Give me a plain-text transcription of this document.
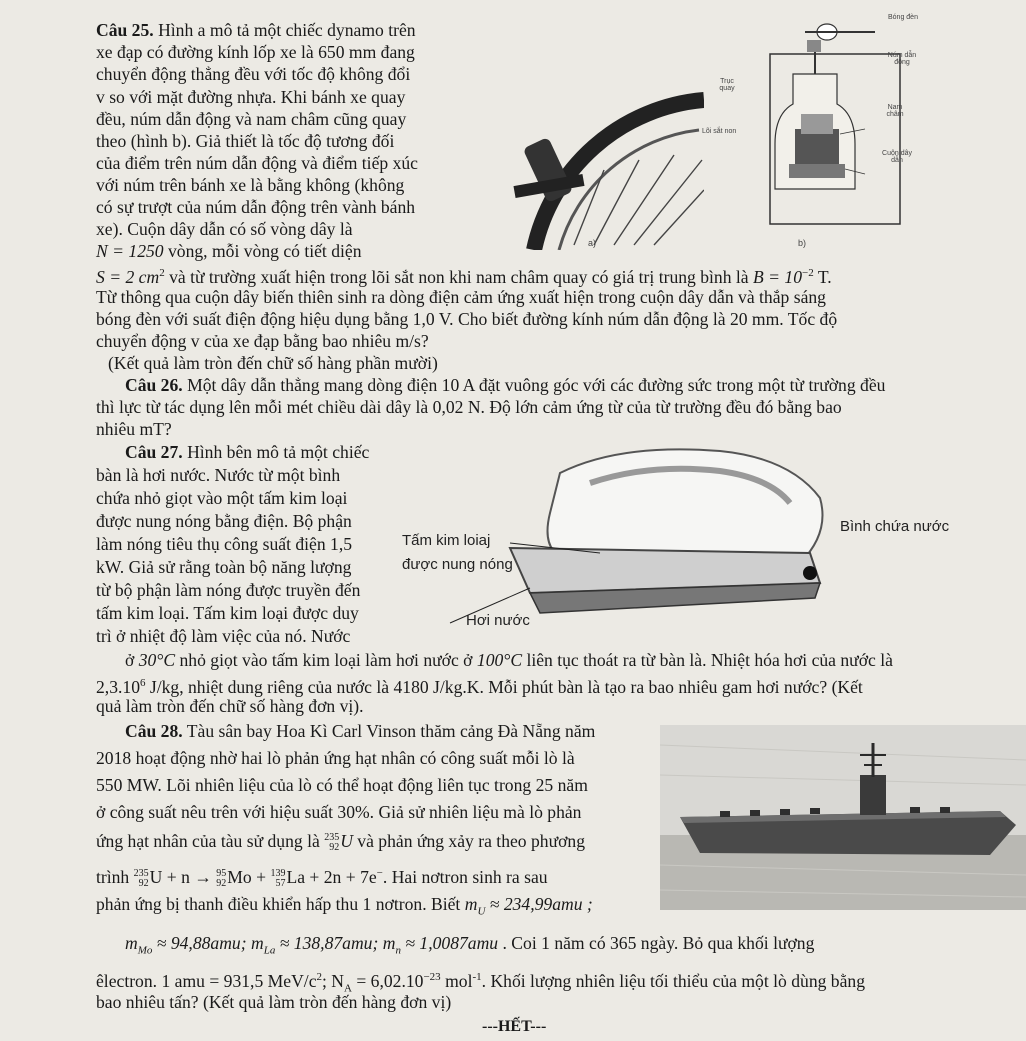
Câu 25. Hình a mô tả một chiếc dynamo trên
xe đạp có đường kính lốp xe là 650 mm đang
chuyển động thẳng đều với tốc độ không đổi
v so với mặt đường nhựa. Khi bánh xe quay
đều, núm dẫn động và nam châm cũng quay
theo (hình b). Giả thiết là tốc độ tương đối
của điểm trên núm dẫn động và điểm tiếp xúc
với núm trên bánh xe là bằng không (không
có sự trượt của núm dẫn động trên vành bánh
xe). Cuộn dây dẫn có số vòng dây là
N = 1250 vòng, mỗi vòng có tiết diện
S = 2 $cm^2$ và từ trường xuất hiện trong lõi sắt non khi nam châm quay có giá trị trung bình là $B = 10^{-2}$ T.
Từ thông qua cuộn dây biến thiên sinh ra dòng điện cảm ứng xuất hiện trong cuộn dây dẫn và thắp sáng
bóng đèn với suất điện động hiệu dụng bằng 1,0 V. Cho biết đường kính núm dẫn động là 20 mm. Tốc độ
chuyển động v của xe đạp bằng bao nhiêu m/s?
(Kết quả làm tròn đến chữ số hàng phần mười)
a)
Bóng đèn
Núm dẫn động
Trục quay
Nam châm
Lõi sắt non
Cuộn dây dẫn
b)
Câu 26. Một dây dẫn thẳng mang dòng điện 10 A đặt vuông góc với các đường sức trong một từ trường đều
thì lực từ tác dụng lên mỗi mét chiều dài dây là 0,02 N. Độ lớn cảm ứng từ của từ trường đều đó bằng bao
nhiêu mT?
Câu 27. Hình bên mô tả một chiếc
bàn là hơi nước. Nước từ một bình
chứa nhỏ giọt vào một tấm kim loại
được nung nóng bằng điện. Bộ phận
làm nóng tiêu thụ công suất điện 1,5
kW. Giả sử rằng toàn bộ năng lượng
từ bộ phận làm nóng được truyền đến
tấm kim loại. Tấm kim loại được duy
trì ở nhiệt độ làm việc của nó. Nước
ở 30°C nhỏ giọt vào tấm kim loại làm hơi nước ở 100°C liên tục thoát ra từ bàn là. Nhiệt hóa hơi của nước là
2,3.10$^6$ J/kg, nhiệt dung riêng của nước là 4180 J/kg.K. Mỗi phút bàn là tạo ra bao nhiêu gam hơi nước? (Kết
quả làm tròn đến chữ số hàng đơn vị).
Bình chứa nước
Tấm kim loiaj
được nung nóng
Hơi nước
Câu 28. Tàu sân bay Hoa Kì Carl Vinson thăm cảng Đà Nẵng năm
2018 hoạt động nhờ hai lò phản ứng hạt nhân có công suất mỗi lò là
550 MW. Lõi nhiên liệu của lò có thể hoạt động liên tục trong 25 năm
ở công suất nêu trên với hiệu suất 30%. Giả sử nhiên liệu mà lò phản
ứng hạt nhân của tàu sử dụng là 235
92 U và phản ứng xảy ra theo phương
trình 235
92 U + n → 95
92 Mo + 139
57 La + 2n + 7e−. Hai nơtron sinh ra sau
phản ứng bị thanh điều khiển hấp thu 1 nơtron. Biết $m_U \approx 234,99amu$ ;
$m_{Mo} \approx 94,88amu$; $m_{La} \approx 138,87amu$; $m_n \approx 1,0087amu$ . Coi 1 năm có 365 ngày. Bỏ qua khối lượng
êlectron. 1 amu = 931,5 MeV/$c^2$; $N_A = 6,02.10^{-23}$ mol$^{-1}$. Khối lượng nhiên liệu tối thiểu của một lò dùng bằng
bao nhiêu tấn? (Kết quả làm tròn đến hàng đơn vị)
---HẾT---
